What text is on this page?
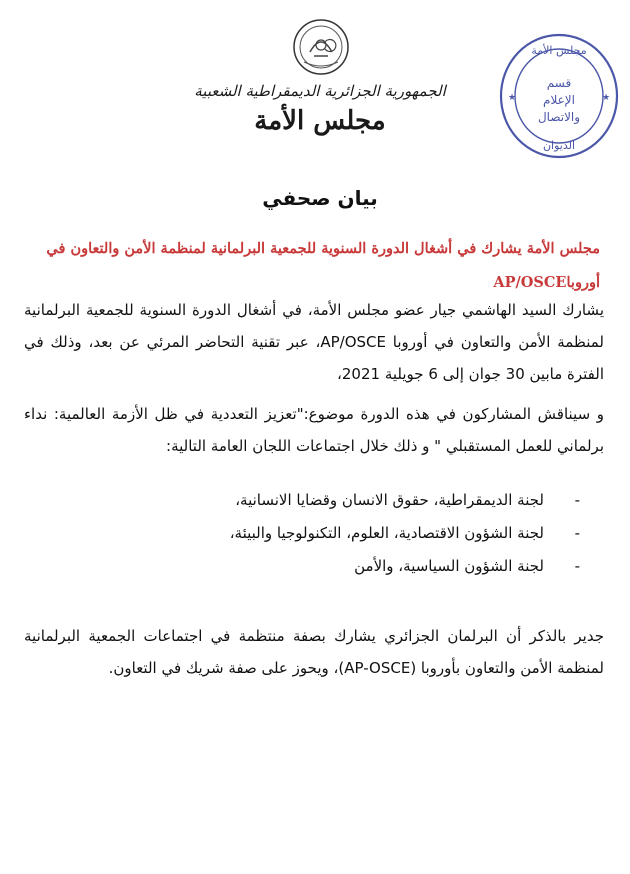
الجمهورية الجزائرية الديمقراطية الشعبية
مجلس الأمة
مجلس الأمة
قسم
الإعلام
والاتصال
الديوان
★	★
بيان صحفي
مجلس الأمة يشارك في أشغال الدورة السنوية للجمعية البرلمانية لمنظمة الأمن والتعاون في أوروباAP/OSCE
يشارك السيد الهاشمي جيار عضو مجلس الأمة، في أشغال الدورة السنوية للجمعية البرلمانية لمنظمة الأمن والتعاون في أوروبا AP/OSCE، عبر تقنية التحاضر المرئي عن بعد، وذلك في الفترة مابين 30 جوان إلى 6 جويلية 2021،
و سيناقش المشاركون في هذه الدورة موضوع:"تعزيز التعددية في ظل الأزمة العالمية: نداء برلماني للعمل المستقبلي " و ذلك خلال اجتماعات اللجان العامة التالية:
-
لجنة الديمقراطية، حقوق الانسان وقضايا الانسانية،
-
لجنة الشؤون الاقتصادية، العلوم، التكنولوجيا والبيئة،
-
لجنة الشؤون السياسية، والأمن
جدير بالذكر أن البرلمان الجزائري يشارك بصفة منتظمة في اجتماعات الجمعية البرلمانية لمنظمة الأمن والتعاون بأوروبا (AP-OSCE)، ويحوز على صفة شريك في التعاون.
